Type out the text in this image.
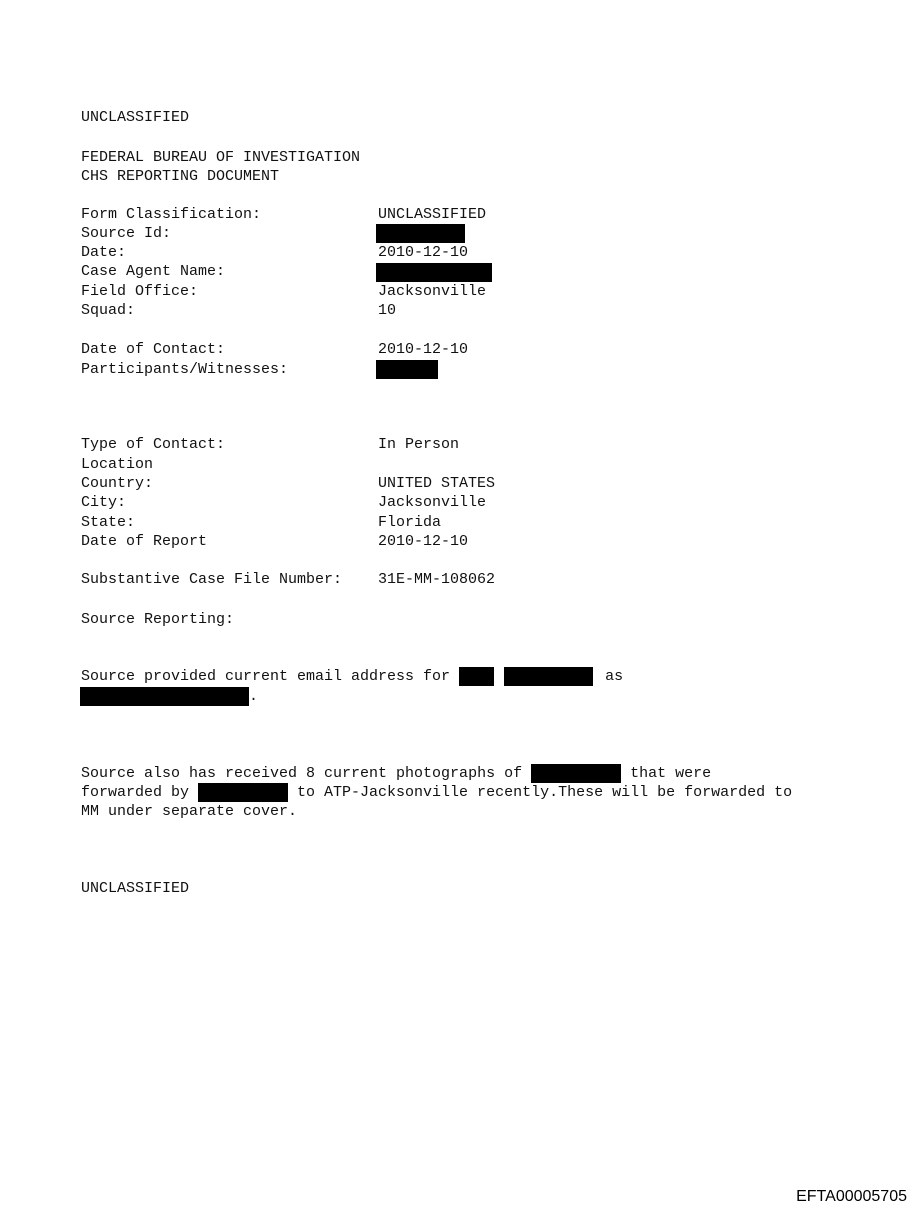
UNCLASSIFIED
FEDERAL BUREAU OF INVESTIGATION
CHS REPORTING DOCUMENT
Form Classification:	UNCLASSIFIED
Source Id:
Date:	2010-12-10
Case Agent Name:
Field Office:	Jacksonville
Squad:	10
Date of Contact:	2010-12-10
Participants/Witnesses:
Type of Contact:	In Person
Location
Country:	UNITED STATES
City:	Jacksonville
State:	Florida
Date of Report	2010-12-10
Substantive Case File Number: 31E-MM-108062
Source Reporting:
Source provided current email address for	as
.
Source also has received 8 current photographs of	that were
forwarded by	to ATP-Jacksonville recently.These will be forwarded to
MM under separate cover.
UNCLASSIFIED
EFTA00005705
